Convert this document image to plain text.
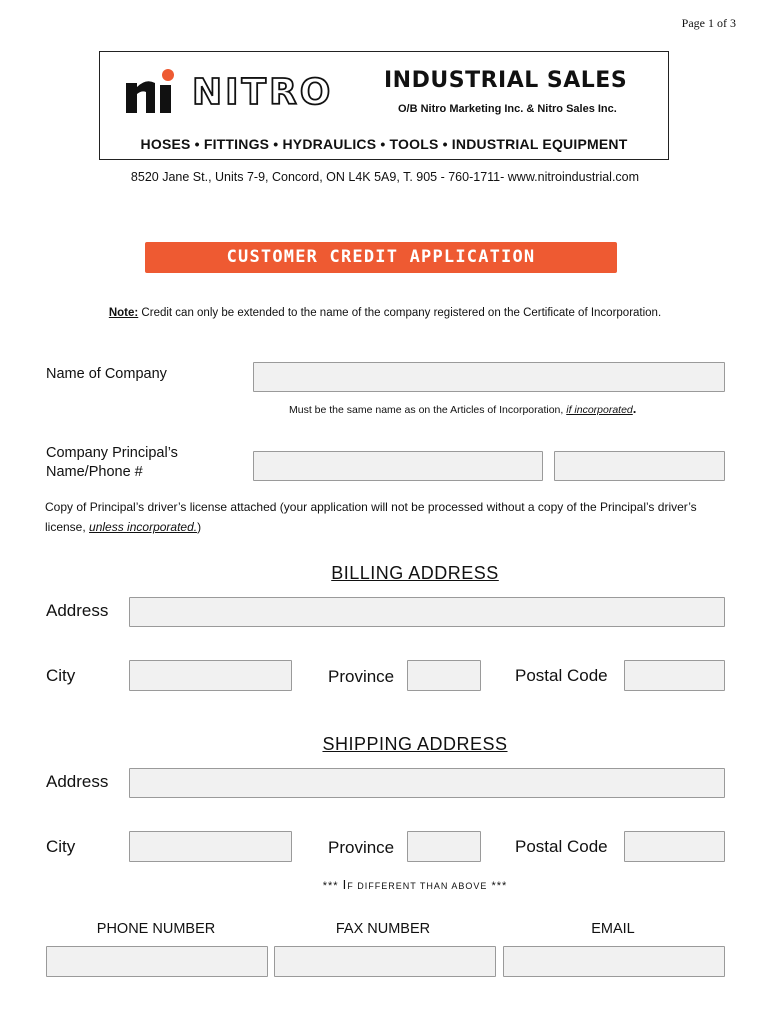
Page 1 of 3
NITRO INDUSTRIAL SALES
O/B Nitro Marketing Inc. & Nitro Sales Inc.
HOSES • FITTINGS • HYDRAULICS • TOOLS • INDUSTRIAL EQUIPMENT
8520 Jane St., Units 7-9, Concord, ON L4K 5A9, T. 905 - 760-1711- www.nitroindustrial.com
CUSTOMER CREDIT APPLICATION
Note: Credit can only be extended to the name of the company registered on the Certificate of Incorporation.
Name of Company
Must be the same name as on the Articles of Incorporation, if incorporated.
Company Principal’s
Name/Phone #
Copy of Principal’s driver’s license attached (your application will not be processed without a copy of the Principal’s driver’s license, unless incorporated.)
BILLING ADDRESS
Address
City	Province	Postal Code
SHIPPING ADDRESS
Address
City	Province	Postal Code
*** IF DIFFERENT THAN ABOVE ***
PHONE NUMBER	FAX NUMBER	EMAIL
